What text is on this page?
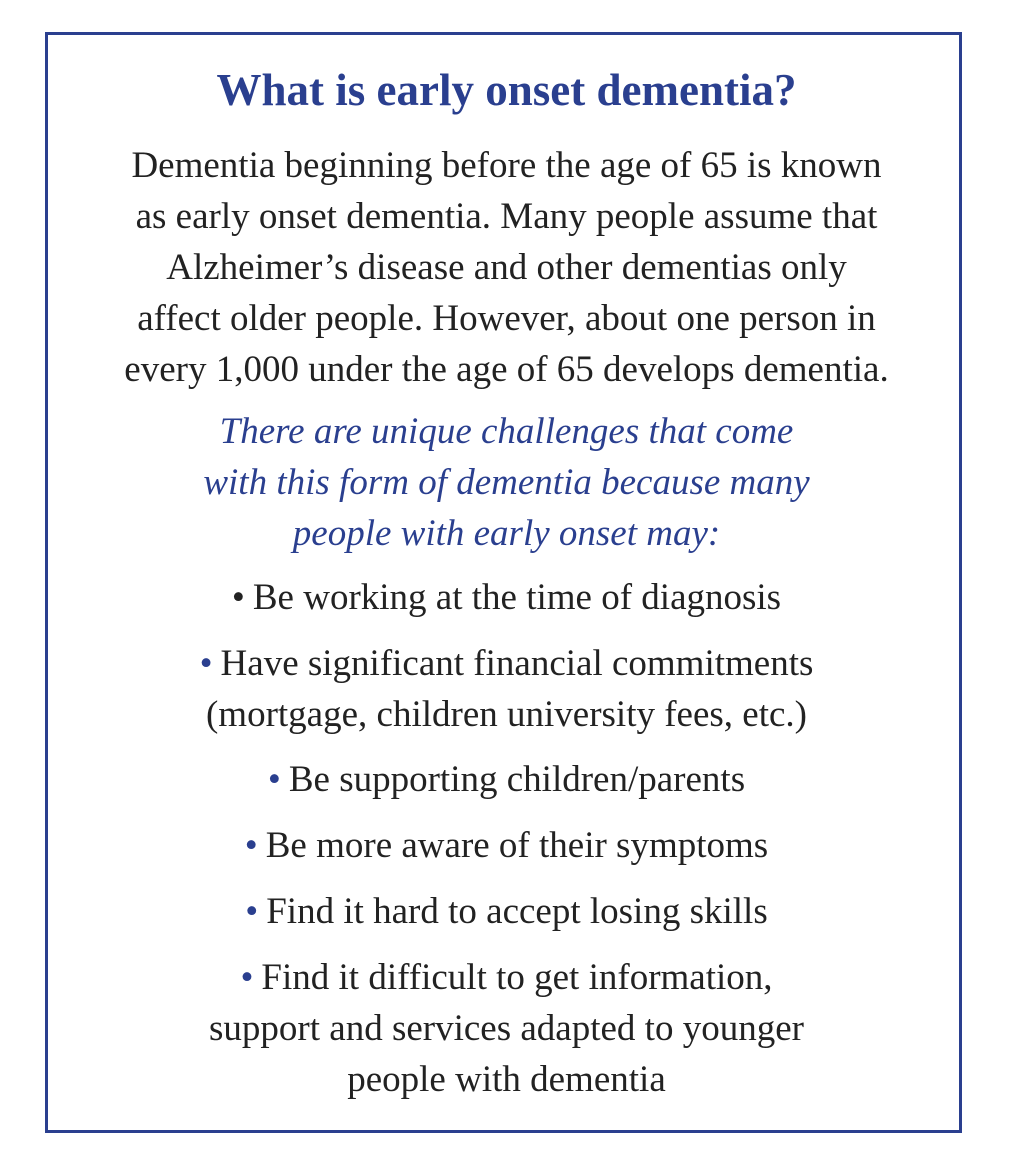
What is early onset dementia?

Dementia beginning before the age of 65 is known
as early onset dementia. Many people assume that
Alzheimer’s disease and other dementias only
affect older people. However, about one person in
every 1,000 under the age of 65 develops dementia.

There are unique challenges that come
with this form of dementia because many
people with early onset may:

• Be working at the time of diagnosis
• Have significant financial commitments
(mortgage, children university fees, etc.)
• Be supporting children/parents
• Be more aware of their symptoms
• Find it hard to accept losing skills
• Find it difficult to get information,
support and services adapted to younger
people with dementia
